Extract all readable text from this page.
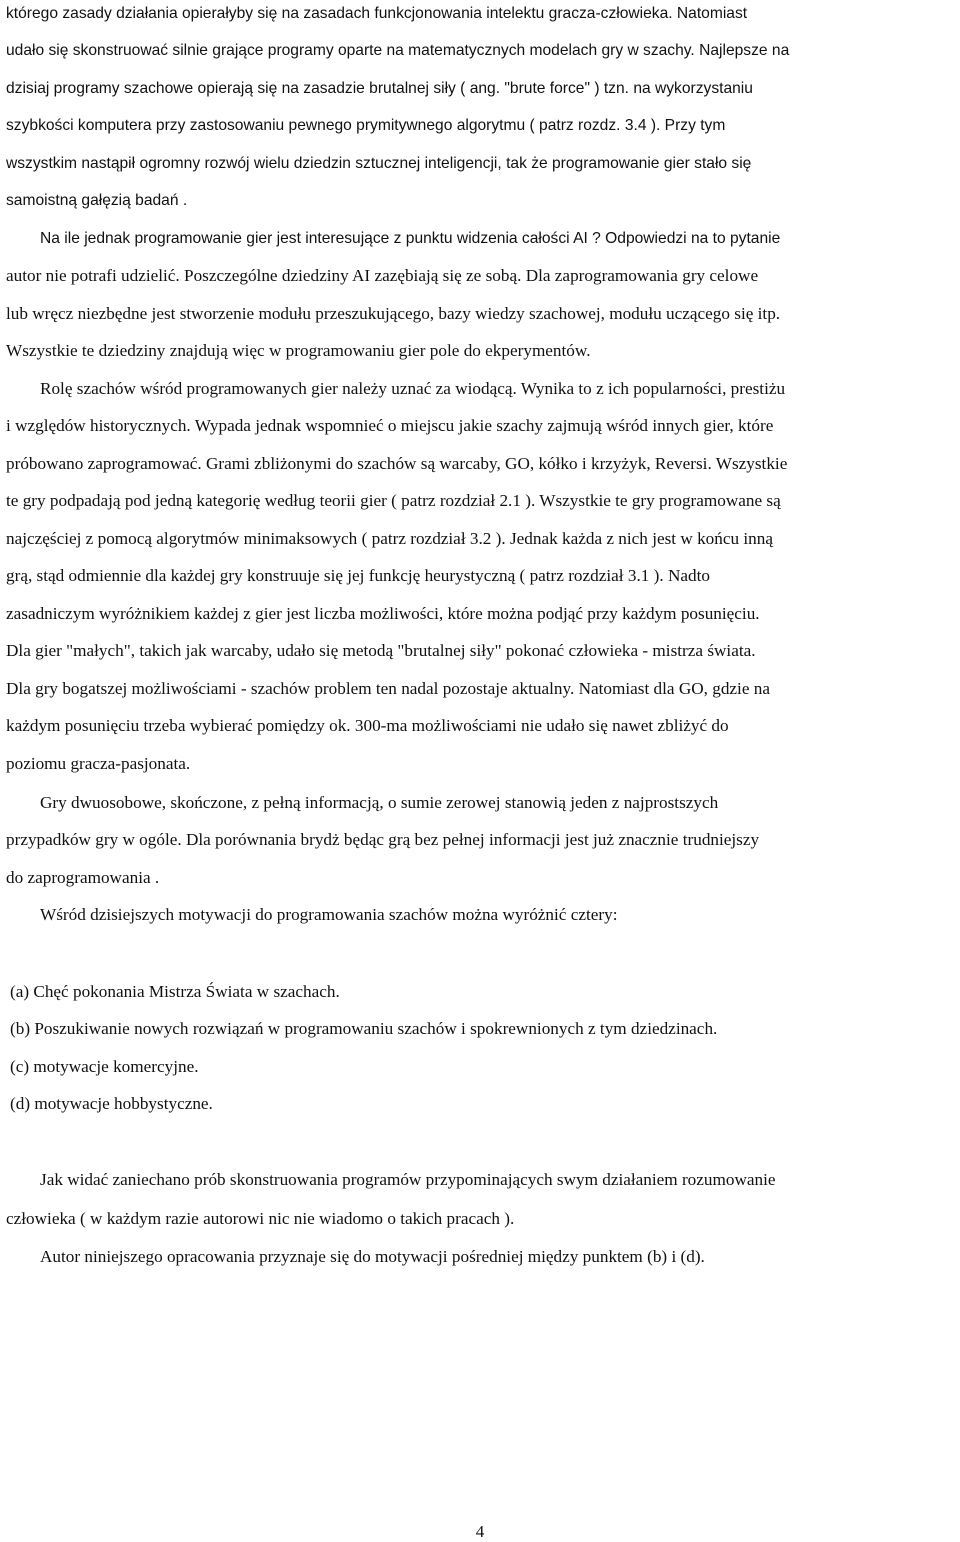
którego zasady działania opierałyby się na zasadach funkcjonowania intelektu gracza-człowieka. Natomiast
udało się skonstruować silnie grające programy oparte na matematycznych modelach gry w szachy. Najlepsze na
dzisiaj programy szachowe opierają się na zasadzie brutalnej siły ( ang. "brute force" ) tzn. na wykorzystaniu
szybkości komputera przy zastosowaniu pewnego prymitywnego algorytmu ( patrz rozdz. 3.4 ). Przy tym
wszystkim nastąpił ogromny rozwój wielu dziedzin sztucznej inteligencji, tak że programowanie gier stało się
samoistną gałęzią badań .
Na ile jednak programowanie gier jest interesujące z punktu widzenia całości AI ? Odpowiedzi na to pytanie
autor nie potrafi udzielić. Poszczególne dziedziny AI zazębiają się ze sobą. Dla zaprogramowania gry celowe
lub wręcz niezbędne jest stworzenie modułu przeszukującego, bazy wiedzy szachowej, modułu uczącego się itp.
Wszystkie te dziedziny znajdują więc w programowaniu gier pole do ekperymentów.
Rolę szachów wśród programowanych gier należy uznać za wiodącą. Wynika to z ich popularności, prestiżu
i względów historycznych. Wypada jednak wspomnieć o miejscu jakie szachy zajmują wśród innych gier, które
próbowano zaprogramować. Grami zbliżonymi do szachów są warcaby, GO, kółko i krzyżyk, Reversi. Wszystkie
te gry podpadają pod jedną kategorię według teorii gier ( patrz rozdział 2.1 ). Wszystkie te gry programowane są
najczęściej z pomocą algorytmów minimaksowych ( patrz rozdział 3.2 ). Jednak każda z nich jest w końcu inną
grą, stąd odmiennie dla każdej gry konstruuje się jej funkcję heurystyczną ( patrz rozdział 3.1 ). Nadto
zasadniczym wyróżnikiem każdej z gier jest liczba możliwości, które można podjąć przy każdym posunięciu.
Dla gier "małych", takich jak warcaby, udało się metodą "brutalnej siły" pokonać człowieka - mistrza świata.
Dla gry bogatszej możliwościami - szachów problem ten nadal pozostaje aktualny. Natomiast dla GO, gdzie na
każdym posunięciu trzeba wybierać pomiędzy ok. 300-ma możliwościami nie udało się nawet zbliżyć do
poziomu gracza-pasjonata.
Gry dwuosobowe, skończone, z pełną informacją, o sumie zerowej stanowią jeden z najprostszych
przypadków gry w ogóle. Dla porównania brydż będąc grą bez pełnej informacji jest już znacznie trudniejszy
do zaprogramowania .
Wśród dzisiejszych motywacji do programowania szachów można wyróżnić cztery:
(a) Chęć pokonania Mistrza Świata w szachach.
(b) Poszukiwanie nowych rozwiązań w programowaniu szachów i spokrewnionych z tym dziedzinach.
(c) motywacje komercyjne.
(d) motywacje hobbystyczne.
Jak widać zaniechano prób skonstruowania programów przypominających swym działaniem rozumowanie
człowieka ( w każdym razie autorowi nic nie wiadomo o takich pracach ).
Autor niniejszego opracowania przyznaje się do motywacji pośredniej między punktem (b) i (d).
4
